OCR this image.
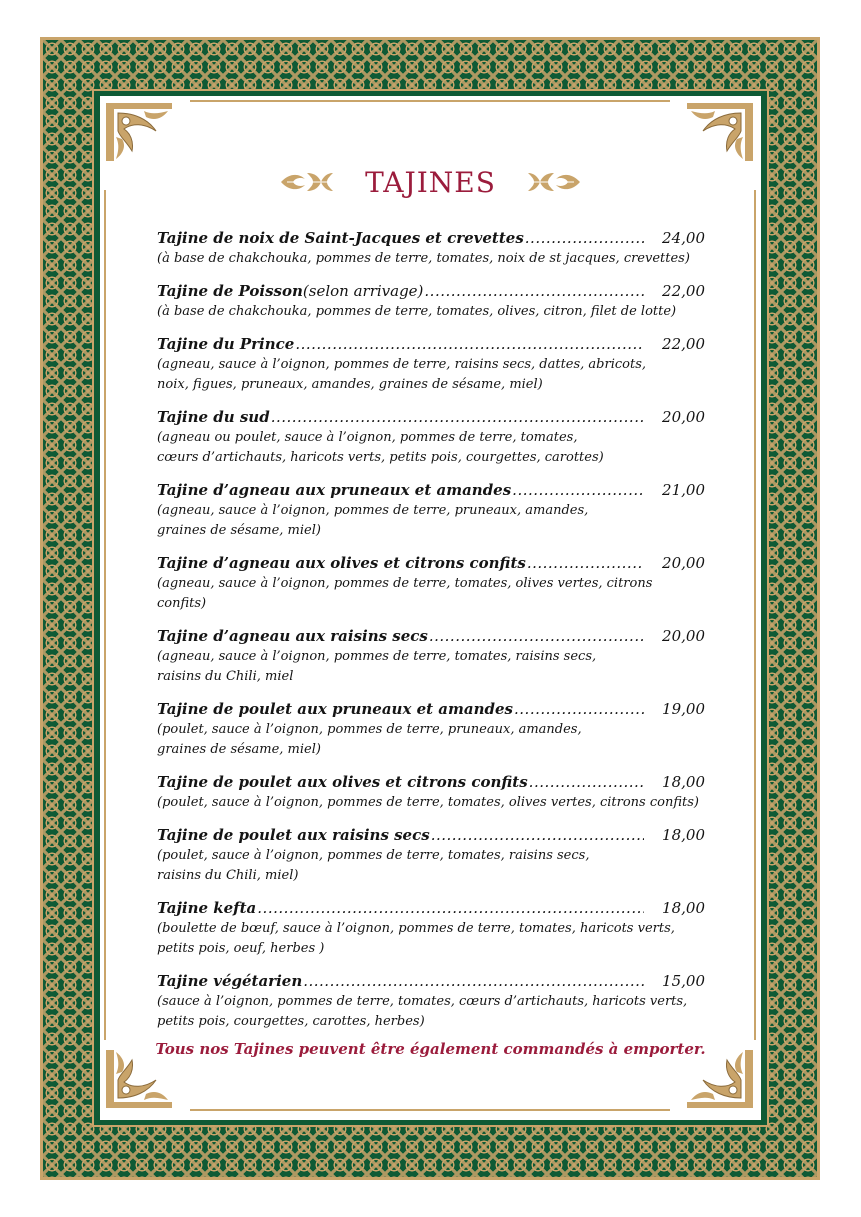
TAJINES
Tajine de noix de Saint-Jacques et crevettes .....	24,00
(à base de chakchouka, pommes de terre, tomates, noix de st jacques, crevettes)
Tajine de Poisson (selon arrivage) .....	22,00
(à base de chakchouka, pommes de terre, tomates, olives, citron, filet de lotte)
Tajine du Prince .....	22,00
(agneau, sauce à l’oignon, pommes de terre, raisins secs, dattes, abricots,
noix, figues, pruneaux, amandes, graines de sésame, miel)
Tajine du sud .....	20,00
(agneau ou poulet, sauce à l’oignon, pommes de terre, tomates,
cœurs d’artichauts, haricots verts, petits pois, courgettes, carottes)
Tajine d’agneau aux pruneaux et amandes .....	21,00
(agneau, sauce à l’oignon, pommes de terre, pruneaux, amandes,
graines de sésame, miel)
Tajine d’agneau aux olives et citrons confits .....	20,00
(agneau, sauce à l’oignon, pommes de terre, tomates, olives vertes, citrons confits)
Tajine d’agneau aux raisins secs .....	20,00
(agneau, sauce à l’oignon, pommes de terre, tomates, raisins secs,
raisins du Chili, miel
Tajine de poulet aux pruneaux et amandes .....	19,00
(poulet, sauce à l’oignon, pommes de terre, pruneaux, amandes,
graines de sésame, miel)
Tajine de poulet aux olives et citrons confits .....	18,00
(poulet, sauce à l’oignon, pommes de terre, tomates, olives vertes, citrons confits)
Tajine de poulet aux raisins secs .....	18,00
(poulet, sauce à l’oignon, pommes de terre, tomates, raisins secs,
raisins du Chili, miel)
Tajine kefta .....	18,00
(boulette de bœuf, sauce à l’oignon, pommes de terre, tomates, haricots verts,
petits pois, oeuf, herbes )
Tajine végétarien .....	15,00
(sauce à l’oignon, pommes de terre, tomates, cœurs d’artichauts, haricots verts,
petits pois, courgettes, carottes, herbes)
Tous nos Tajines peuvent être également commandés à emporter.
